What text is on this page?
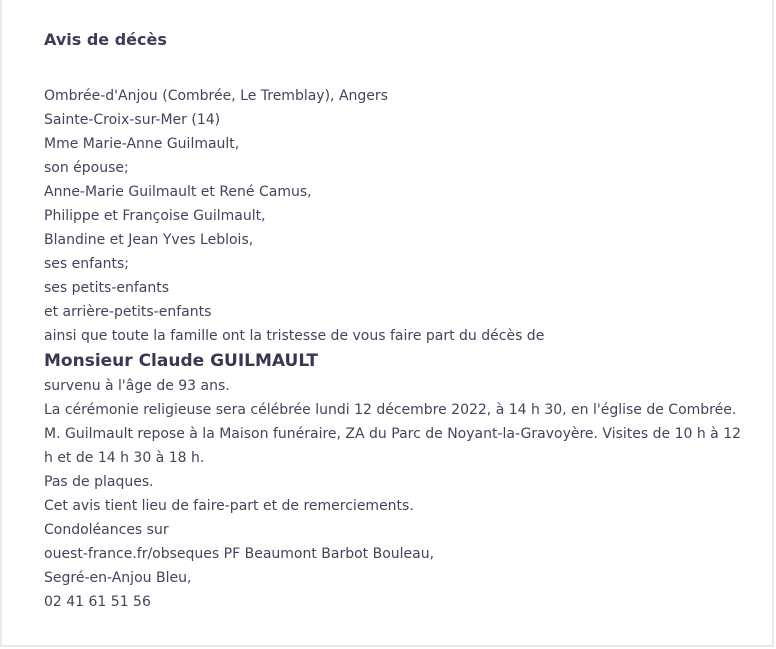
Avis de décès
Ombrée-d'Anjou (Combrée, Le Tremblay), Angers
Sainte-Croix-sur-Mer (14)
Mme Marie-Anne Guilmault,
son épouse;
Anne-Marie Guilmault et René Camus,
Philippe et Françoise Guilmault,
Blandine et Jean Yves Leblois,
ses enfants;
ses petits-enfants
et arrière-petits-enfants
ainsi que toute la famille ont la tristesse de vous faire part du décès de
Monsieur Claude GUILMAULT
survenu à l'âge de 93 ans.
La cérémonie religieuse sera célébrée lundi 12 décembre 2022, à 14 h 30, en l'église de Combrée.
M. Guilmault repose à la Maison funéraire, ZA du Parc de Noyant-la-Gravoyère. Visites de 10 h à 12 h et de 14 h 30 à 18 h.
Pas de plaques.
Cet avis tient lieu de faire-part et de remerciements.
Condoléances sur
ouest-france.fr/obseques PF Beaumont Barbot Bouleau,
Segré-en-Anjou Bleu,
02 41 61 51 56
